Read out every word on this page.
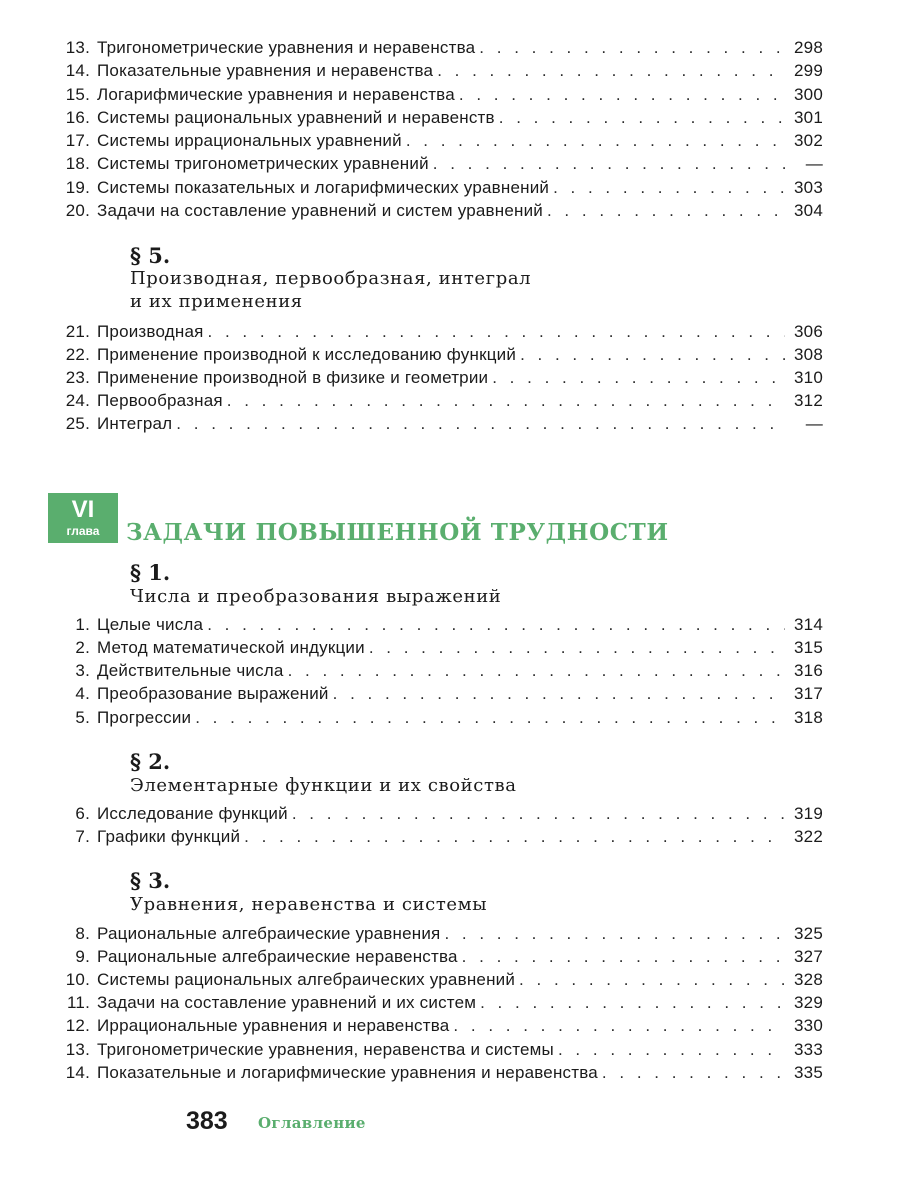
13. Тригонометрические уравнения и неравенства . . .	298
14. Показательные уравнения и неравенства . . .	299
15. Логарифмические уравнения и неравенства . . .	300
16. Системы рациональных уравнений и неравенств . . .	301
17. Системы иррациональных уравнений . . .	302
18. Системы тригонометрических уравнений . . .	—
19. Системы показательных и логарифмических уравнений . . .	303
20. Задачи на составление уравнений и систем уравнений . . .	304
§ 5.
Производная, первообразная, интеграл
и их применения
21. Производная . . .	306
22. Применение производной к исследованию функций . . .	308
23. Применение производной в физике и геометрии . . .	310
24. Первообразная . . .	312
25. Интеграл . . .	—
VI
глава	ЗАДАЧИ ПОВЫШЕННОЙ ТРУДНОСТИ
§ 1.
Числа и преобразования выражений
1. Целые числа . . .	314
2. Метод математической индукции . . .	315
3. Действительные числа . . .	316
4. Преобразование выражений . . .	317
5. Прогрессии . . .	318
§ 2.
Элементарные функции и их свойства
6. Исследование функций . . .	319
7. Графики функций . . .	322
§ 3.
Уравнения, неравенства и системы
8. Рациональные алгебраические уравнения . . .	325
9. Рациональные алгебраические неравенства . . .	327
10. Системы рациональных алгебраических уравнений . . .	328
11. Задачи на составление уравнений и их систем . . .	329
12. Иррациональные уравнения и неравенства . . .	330
13. Тригонометрические уравнения, неравенства и системы . . .	333
14. Показательные и логарифмические уравнения и неравенства . . .	335
383 Оглавление
